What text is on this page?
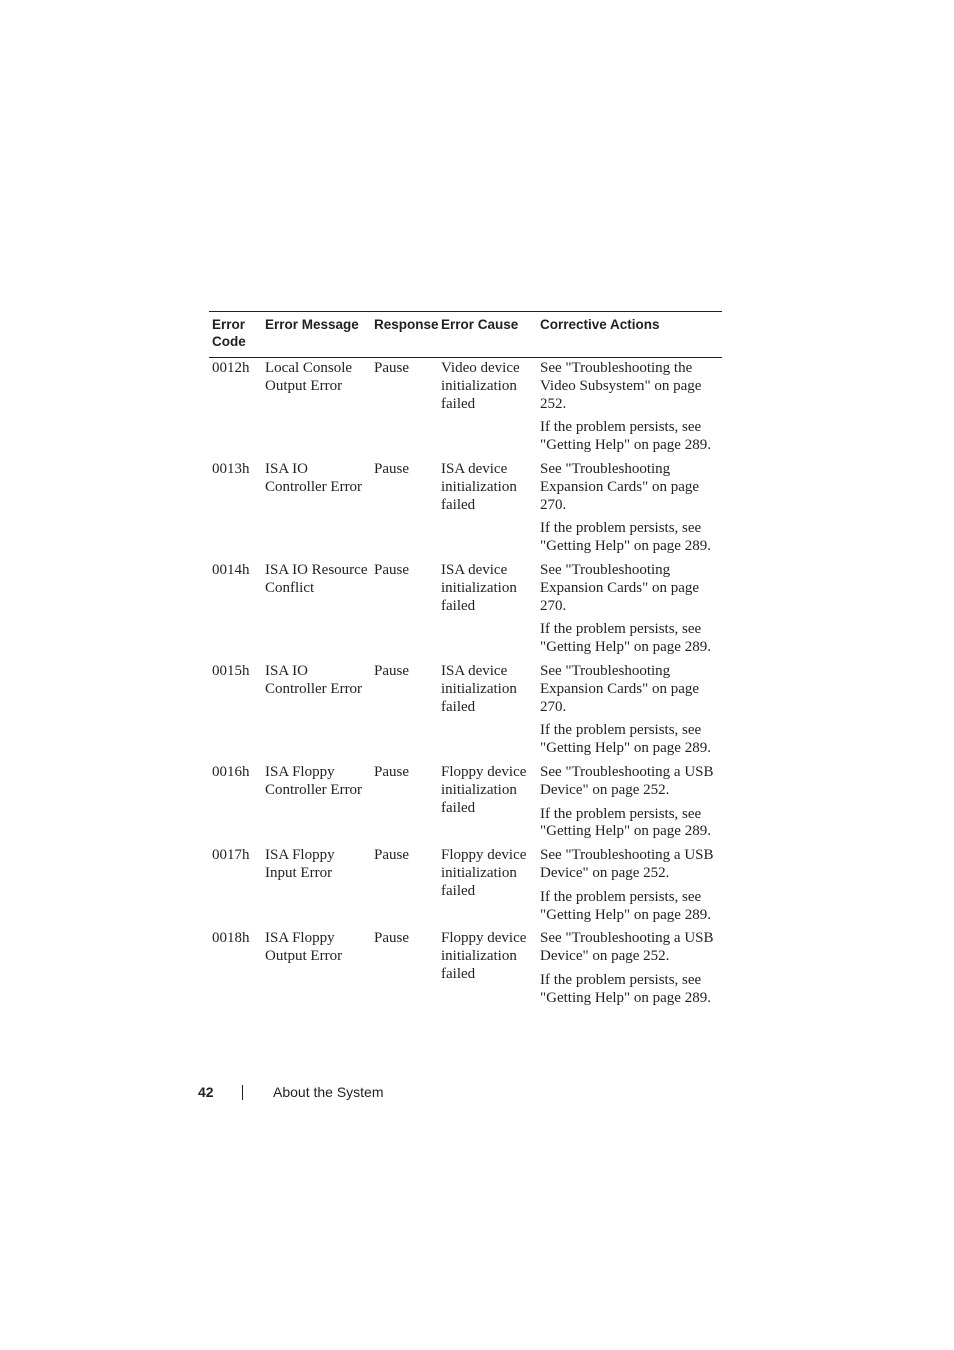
Error Code	Error Message	Response	Error Cause	Corrective Actions
0012h	Local Console Output Error	Pause	Video device initialization failed	See "Troubleshooting the Video Subsystem" on page 252.
If the problem persists, see "Getting Help" on page 289.

0013h	ISA IO Controller Error	Pause	ISA device initialization failed	See "Troubleshooting Expansion Cards" on page 270.
If the problem persists, see "Getting Help" on page 289.

0014h	ISA IO Resource Conflict	Pause	ISA device initialization failed	See "Troubleshooting Expansion Cards" on page 270.
If the problem persists, see "Getting Help" on page 289.

0015h	ISA IO Controller Error	Pause	ISA device initialization failed	See "Troubleshooting Expansion Cards" on page 270.
If the problem persists, see "Getting Help" on page 289.

0016h	ISA Floppy Controller Error	Pause	Floppy device initialization failed	See "Troubleshooting a USB Device" on page 252.
If the problem persists, see "Getting Help" on page 289.

0017h	ISA Floppy Input Error	Pause	Floppy device initialization failed	See "Troubleshooting a USB Device" on page 252.
If the problem persists, see "Getting Help" on page 289.

0018h	ISA Floppy Output Error	Pause	Floppy device initialization failed	See "Troubleshooting a USB Device" on page 252.
If the problem persists, see "Getting Help" on page 289.
42	About the System
